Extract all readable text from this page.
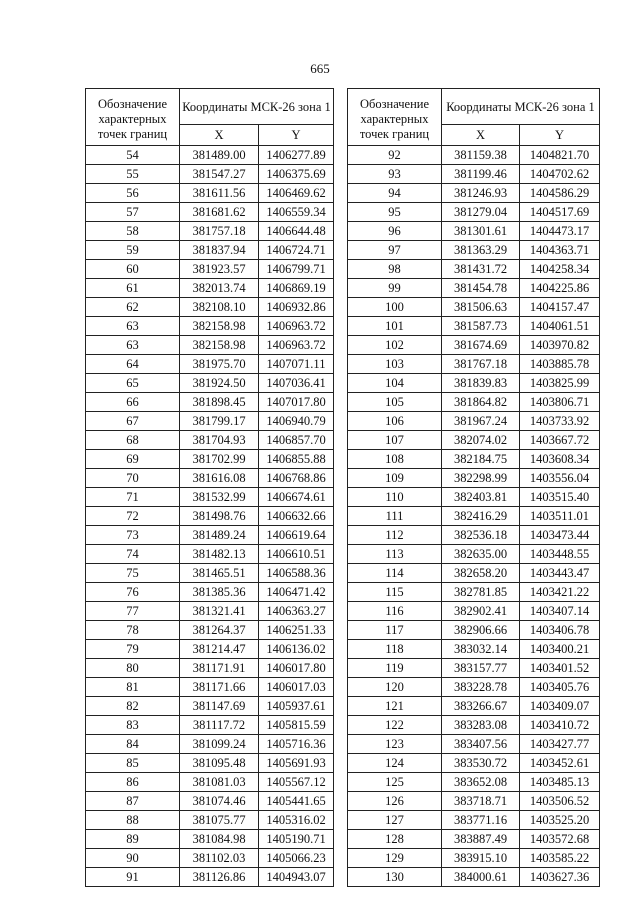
665
Обозначение характерных точек границ	Координаты МСК-26 зона 1	
	X	Y
54	381489.00	1406277.89
55	381547.27	1406375.69
56	381611.56	1406469.62
57	381681.62	1406559.34
58	381757.18	1406644.48
59	381837.94	1406724.71
60	381923.57	1406799.71
61	382013.74	1406869.19
62	382108.10	1406932.86
63	382158.98	1406963.72
63	382158.98	1406963.72
64	381975.70	1407071.11
65	381924.50	1407036.41
66	381898.45	1407017.80
67	381799.17	1406940.79
68	381704.93	1406857.70
69	381702.99	1406855.88
70	381616.08	1406768.86
71	381532.99	1406674.61
72	381498.76	1406632.66
73	381489.24	1406619.64
74	381482.13	1406610.51
75	381465.51	1406588.36
76	381385.36	1406471.42
77	381321.41	1406363.27
78	381264.37	1406251.33
79	381214.47	1406136.02
80	381171.91	1406017.80
81	381171.66	1406017.03
82	381147.69	1405937.61
83	381117.72	1405815.59
84	381099.24	1405716.36
85	381095.48	1405691.93
86	381081.03	1405567.12
87	381074.46	1405441.65
88	381075.77	1405316.02
89	381084.98	1405190.71
90	381102.03	1405066.23
91	381126.86	1404943.07
Обозначение характерных точек границ	Координаты МСК-26 зона 1	
	X	Y
92	381159.38	1404821.70
93	381199.46	1404702.62
94	381246.93	1404586.29
95	381279.04	1404517.69
96	381301.61	1404473.17
97	381363.29	1404363.71
98	381431.72	1404258.34
99	381454.78	1404225.86
100	381506.63	1404157.47
101	381587.73	1404061.51
102	381674.69	1403970.82
103	381767.18	1403885.78
104	381839.83	1403825.99
105	381864.82	1403806.71
106	381967.24	1403733.92
107	382074.02	1403667.72
108	382184.75	1403608.34
109	382298.99	1403556.04
110	382403.81	1403515.40
111	382416.29	1403511.01
112	382536.18	1403473.44
113	382635.00	1403448.55
114	382658.20	1403443.47
115	382781.85	1403421.22
116	382902.41	1403407.14
117	382906.66	1403406.78
118	383032.14	1403400.21
119	383157.77	1403401.52
120	383228.78	1403405.76
121	383266.67	1403409.07
122	383283.08	1403410.72
123	383407.56	1403427.77
124	383530.72	1403452.61
125	383652.08	1403485.13
126	383718.71	1403506.52
127	383771.16	1403525.20
128	383887.49	1403572.68
129	383915.10	1403585.22
130	384000.61	1403627.36
